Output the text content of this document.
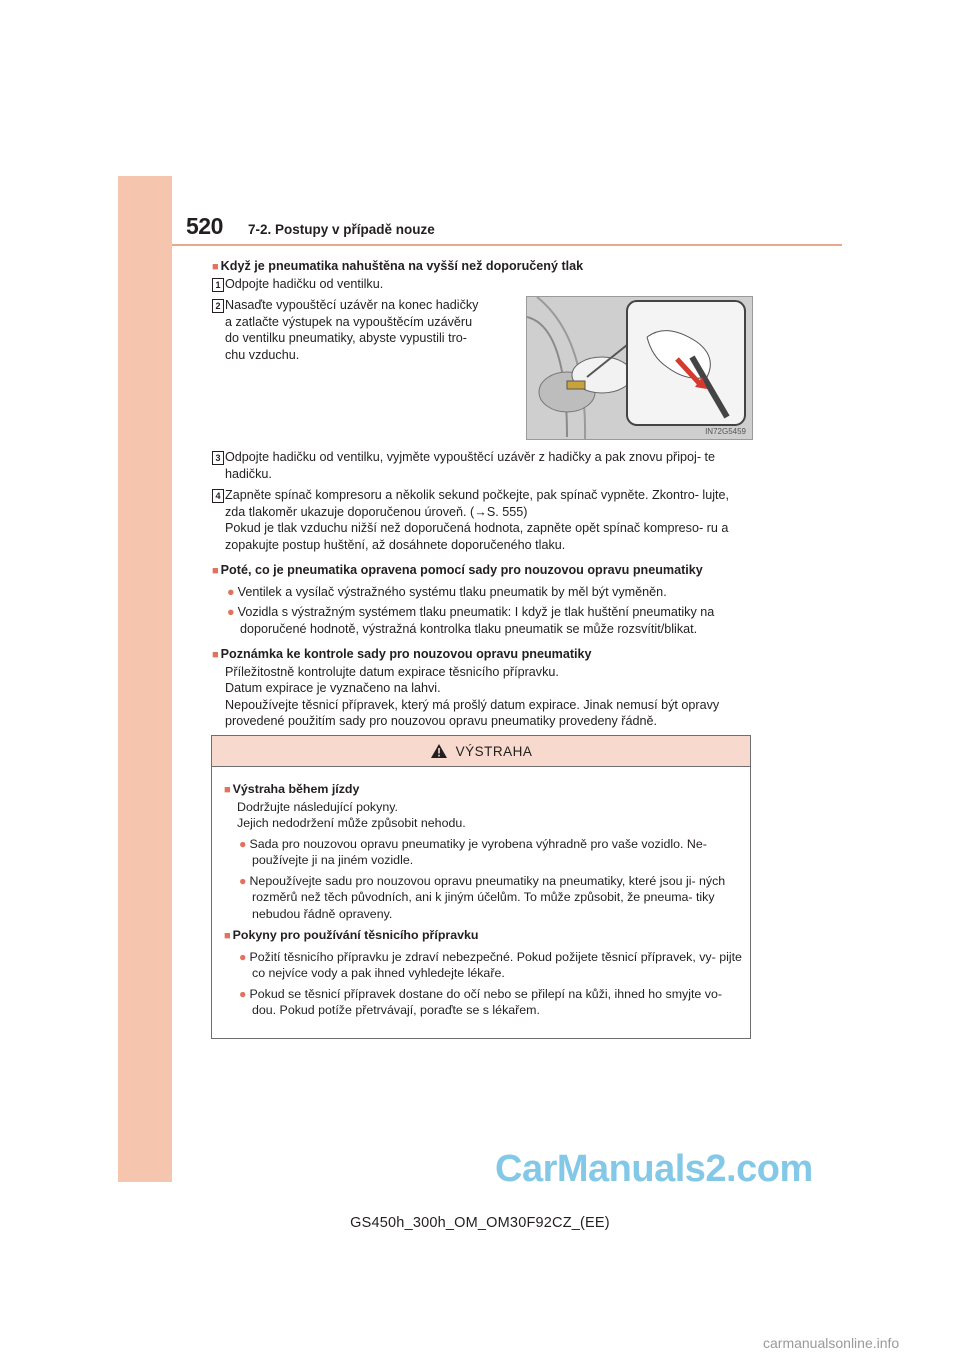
520 7-2. Postupy v případě nouze
■ Když je pneumatika nahuštěna na vyšší než doporučený tlak
1 Odpojte hadičku od ventilku.
2 Nasaďte vypouštěcí uzávěr na konec hadičky
a zatlačte výstupek na vypouštěcím uzávěru
do ventilku pneumatiky, abyste vypustili tro-
chu vzduchu.
3 Odpojte hadičku od ventilku, vyjměte vypouštěcí uzávěr z hadičky a pak znovu připoj- te hadičku.
4 Zapněte spínač kompresoru a několik sekund počkejte, pak spínač vypněte. Zkontro- lujte, zda tlakoměr ukazuje doporučenou úroveň. (→S. 555)
Pokud je tlak vzduchu nižší než doporučená hodnota, zapněte opět spínač kompreso- ru a zopakujte postup huštění, až dosáhnete doporučeného tlaku.
■ Poté, co je pneumatika opravena pomocí sady pro nouzovou opravu pneumatiky
● Ventilek a vysílač výstražného systému tlaku pneumatik by měl být vyměněn.
● Vozidla s výstražným systémem tlaku pneumatik: I když je tlak huštění pneumatiky na doporučené hodnotě, výstražná kontrolka tlaku pneumatik se může rozsvítit/blikat.
■ Poznámka ke kontrole sady pro nouzovou opravu pneumatiky
Příležitostně kontrolujte datum expirace těsnicího přípravku.
Datum expirace je vyznačeno na lahvi.
Nepoužívejte těsnicí přípravek, který má prošlý datum expirace. Jinak nemusí být opravy provedené použitím sady pro nouzovou opravu pneumatiky provedeny řádně.
IN72G5459
VÝSTRAHA
■ Výstraha během jízdy
Dodržujte následující pokyny.
Jejich nedodržení může způsobit nehodu.
● Sada pro nouzovou opravu pneumatiky je vyrobena výhradně pro vaše vozidlo. Ne- používejte ji na jiném vozidle.
● Nepoužívejte sadu pro nouzovou opravu pneumatiky na pneumatiky, které jsou ji- ných rozměrů než těch původních, ani k jiným účelům. To může způsobit, že pneuma- tiky nebudou řádně opraveny.
■ Pokyny pro používání těsnicího přípravku
● Požití těsnicího přípravku je zdraví nebezpečné. Pokud požijete těsnicí přípravek, vy- pijte co nejvíce vody a pak ihned vyhledejte lékaře.
● Pokud se těsnicí přípravek dostane do očí nebo se přilepí na kůži, ihned ho smyjte vo- dou. Pokud potíže přetrvávají, poraďte se s lékařem.
CarManuals2.com
GS450h_300h_OM_OM30F92CZ_(EE)
carmanualsonline.info
